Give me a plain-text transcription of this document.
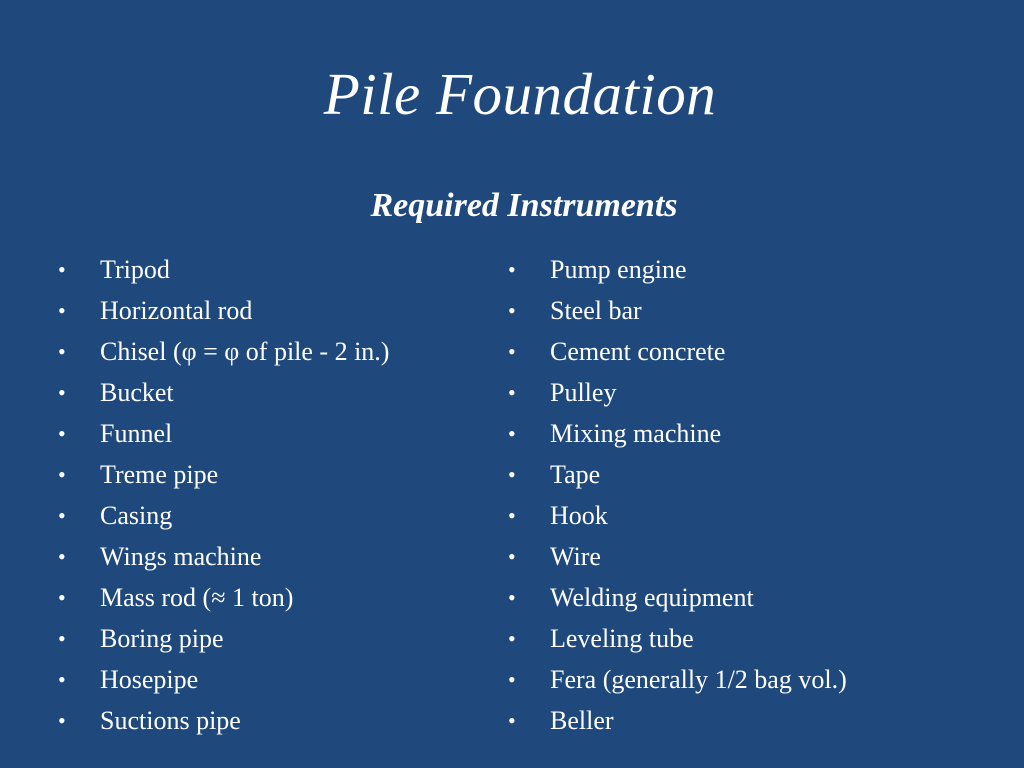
Pile Foundation
Required Instruments
•	Tripod
•	Horizontal rod
•	Chisel (φ = φ of pile - 2 in.)
•	Bucket
•	Funnel
•	Treme pipe
•	Casing
•	Wings machine
•	Mass rod (≈ 1 ton)
•	Boring pipe
•	Hosepipe
•	Suctions pipe
•	Pump engine
•	Steel bar
•	Cement concrete
•	Pulley
•	Mixing machine
•	Tape
•	Hook
•	Wire
•	Welding equipment
•	Leveling tube
•	Fera (generally 1/2 bag vol.)
•	Beller
